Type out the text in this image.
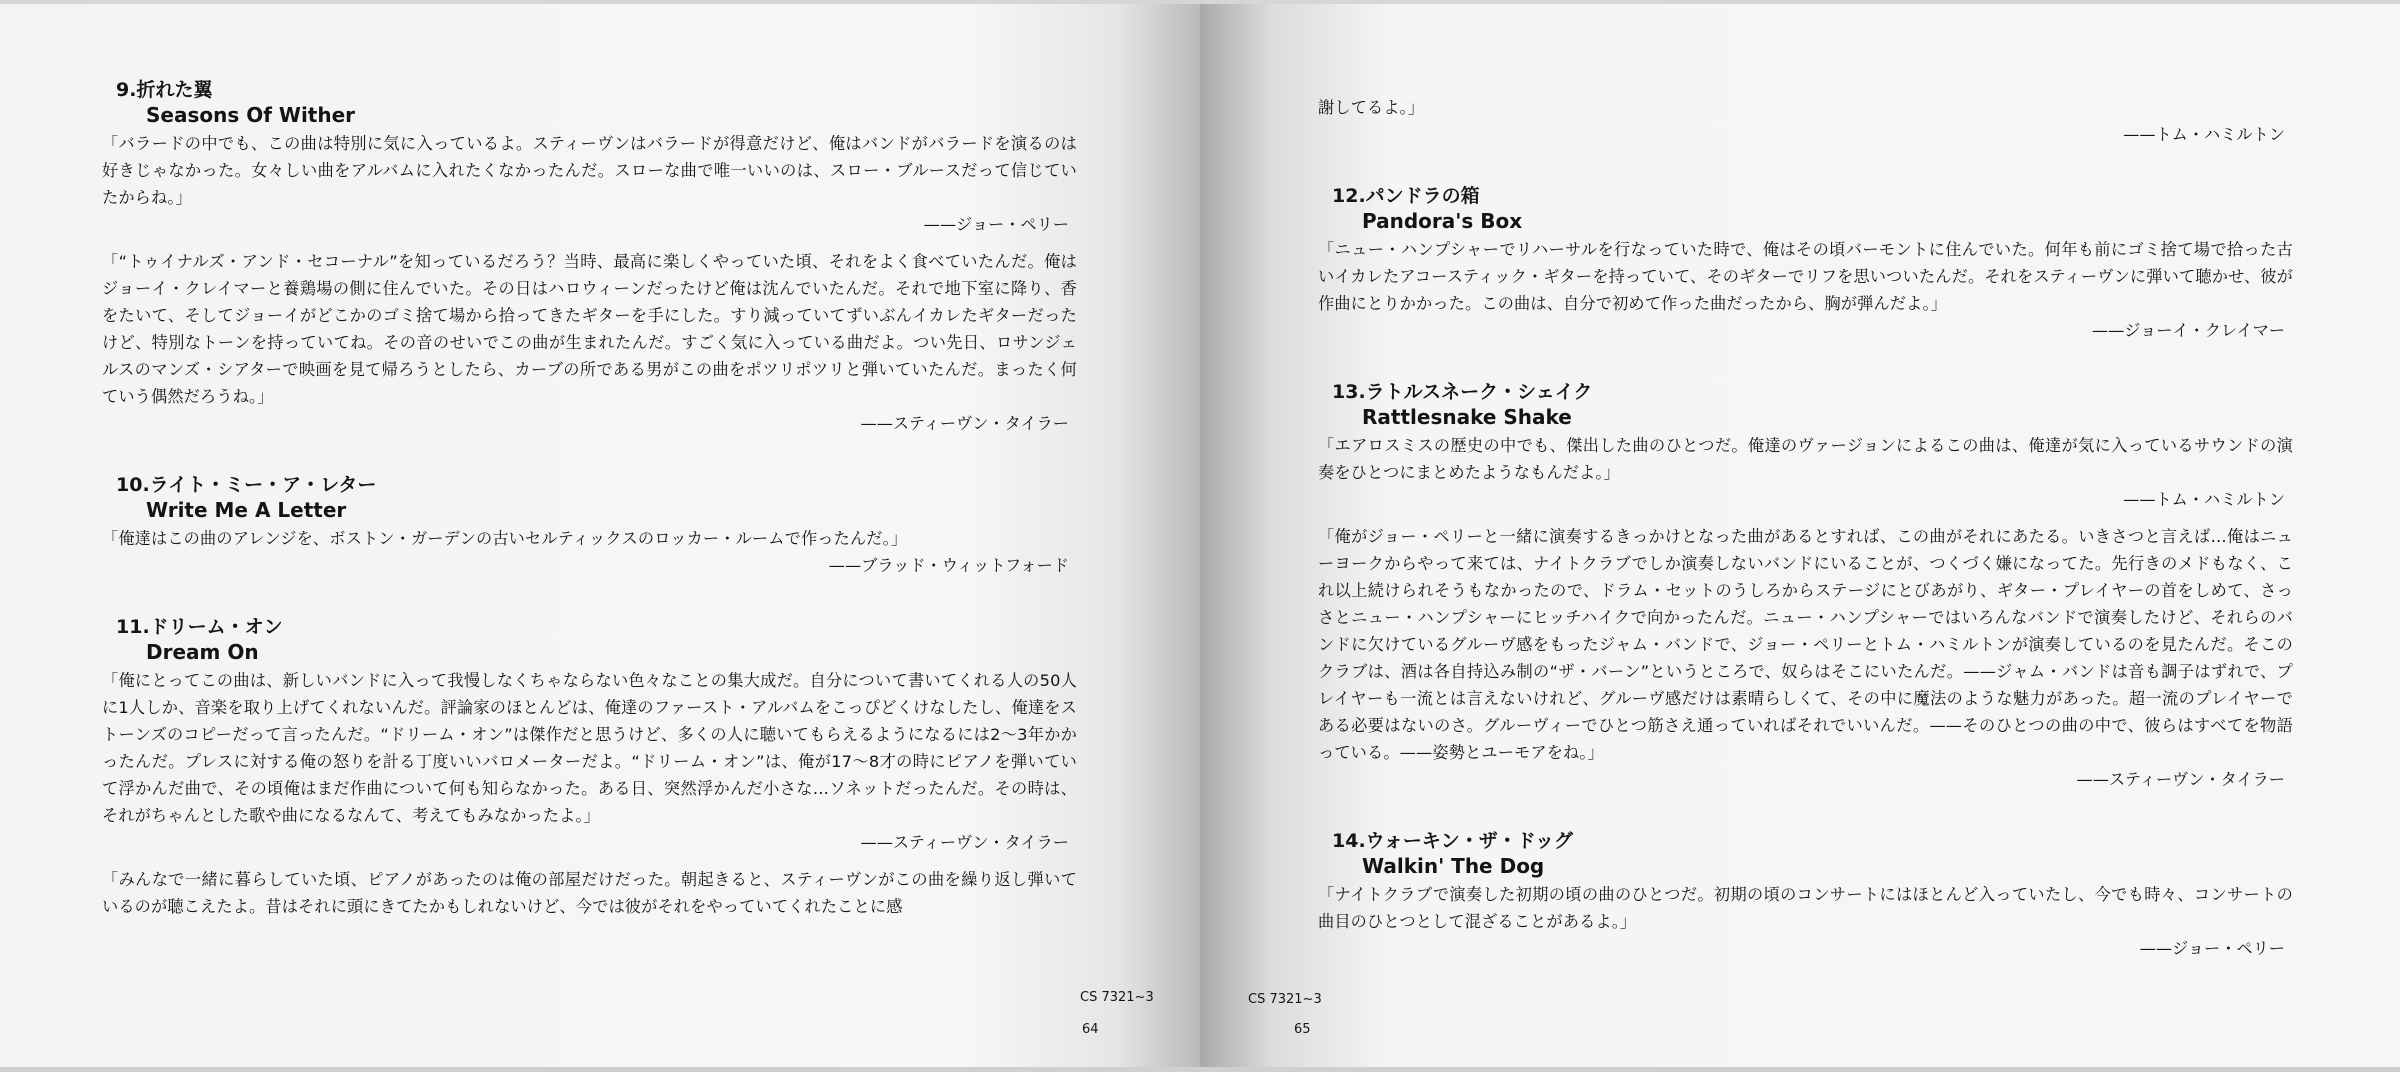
9.折れた翼
Seasons Of Wither

「バラードの中でも、この曲は特別に気に入っているよ。スティーヴンはバラードが得意だけど、俺はバンドがバラードを演るのは好きじゃなかった。女々しい曲をアルバムに入れたくなかったんだ。スローな曲で唯一いいのは、スロー・ブルースだって信じていたからね。」

——ジョー・ペリー

「“トゥイナルズ・アンド・セコーナル”を知っているだろう？当時、最高に楽しくやっていた頃、それをよく食べていたんだ。俺はジョーイ・クレイマーと養鶏場の側に住んでいた。その日はハロウィーンだったけど俺は沈んでいたんだ。それで地下室に降り、香をたいて、そしてジョーイがどこかのゴミ捨て場から拾ってきたギターを手にした。すり減っていてずいぶんイカレたギターだったけど、特別なトーンを持っていてね。その音のせいでこの曲が生まれたんだ。すごく気に入っている曲だよ。つい先日、ロサンジェルスのマンズ・シアターで映画を見て帰ろうとしたら、カーブの所である男がこの曲をポツリポツリと弾いていたんだ。まったく何ていう偶然だろうね。」

——スティーヴン・タイラー
10.ライト・ミー・ア・レター
Write Me A Letter

「俺達はこの曲のアレンジを、ボストン・ガーデンの古いセルティックスのロッカー・ルームで作ったんだ。」

——ブラッド・ウィットフォード
11.ドリーム・オン
Dream On

「俺にとってこの曲は、新しいバンドに入って我慢しなくちゃならない色々なことの集大成だ。自分について書いてくれる人の50人に1人しか、音楽を取り上げてくれないんだ。評論家のほとんどは、俺達のファースト・アルバムをこっぴどくけなしたし、俺達をストーンズのコピーだって言ったんだ。“ドリーム・オン”は傑作だと思うけど、多くの人に聴いてもらえるようになるには2〜3年かかったんだ。プレスに対する俺の怒りを計る丁度いいバロメーターだよ。“ドリーム・オン”は、俺が17〜8才の時にピアノを弾いていて浮かんだ曲で、その頃俺はまだ作曲について何も知らなかった。ある日、突然浮かんだ小さな…ソネットだったんだ。その時は、それがちゃんとした歌や曲になるなんて、考えてもみなかったよ。」

——スティーヴン・タイラー

「みんなで一緒に暮らしていた頃、ピアノがあったのは俺の部屋だけだった。朝起きると、スティーヴンがこの曲を繰り返し弾いているのが聴こえたよ。昔はそれに頭にきてたかもしれないけど、今では彼がそれをやっていてくれたことに感

CS 7321~3
64

謝してるよ。」

——トム・ハミルトン
12.パンドラの箱
Pandora's Box

「ニュー・ハンプシャーでリハーサルを行なっていた時で、俺はその頃バーモントに住んでいた。何年も前にゴミ捨て場で拾った古いイカレたアコースティック・ギターを持っていて、そのギターでリフを思いついたんだ。それをスティーヴンに弾いて聴かせ、彼が作曲にとりかかった。この曲は、自分で初めて作った曲だったから、胸が弾んだよ。」

——ジョーイ・クレイマー
13.ラトルスネーク・シェイク
Rattlesnake Shake

「エアロスミスの歴史の中でも、傑出した曲のひとつだ。俺達のヴァージョンによるこの曲は、俺達が気に入っているサウンドの演奏をひとつにまとめたようなもんだよ。」

——トム・ハミルトン

「俺がジョー・ペリーと一緒に演奏するきっかけとなった曲があるとすれば、この曲がそれにあたる。いきさつと言えば…俺はニューヨークからやって来ては、ナイトクラブでしか演奏しないバンドにいることが、つくづく嫌になってた。先行きのメドもなく、これ以上続けられそうもなかったので、ドラム・セットのうしろからステージにとびあがり、ギター・プレイヤーの首をしめて、さっさとニュー・ハンプシャーにヒッチハイクで向かったんだ。ニュー・ハンプシャーではいろんなバンドで演奏したけど、それらのバンドに欠けているグルーヴ感をもったジャム・バンドで、ジョー・ペリーとトム・ハミルトンが演奏しているのを見たんだ。そこのクラブは、酒は各自持込み制の“ザ・バーン”というところで、奴らはそこにいたんだ。——ジャム・バンドは音も調子はずれで、プレイヤーも一流とは言えないけれど、グルーヴ感だけは素晴らしくて、その中に魔法のような魅力があった。超一流のプレイヤーである必要はないのさ。グルーヴィーでひとつ筋さえ通っていればそれでいいんだ。——そのひとつの曲の中で、彼らはすべてを物語っている。——姿勢とユーモアをね。」

——スティーヴン・タイラー
14.ウォーキン・ザ・ドッグ
Walkin' The Dog

「ナイトクラブで演奏した初期の頃の曲のひとつだ。初期の頃のコンサートにはほとんど入っていたし、今でも時々、コンサートの曲目のひとつとして混ざることがあるよ。」

——ジョー・ペリー
CS 7321~3
65
